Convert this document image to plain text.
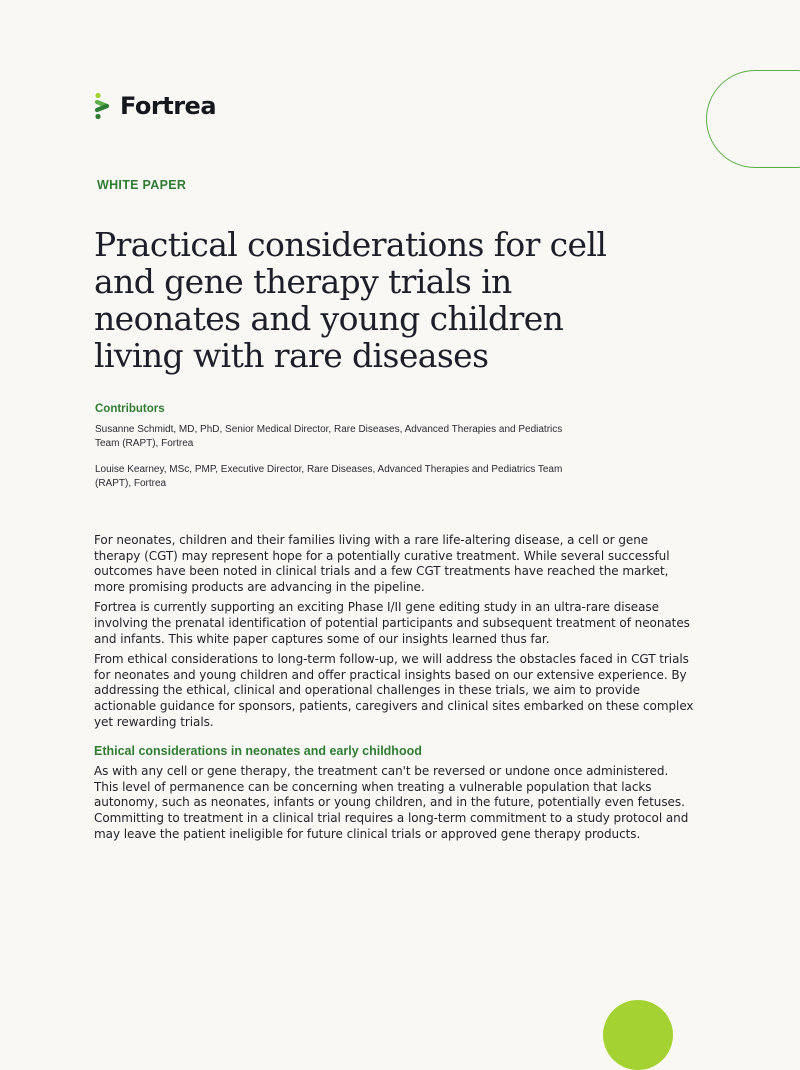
Fortrea
WHITE PAPER
Practical considerations for cell and gene therapy trials in neonates and young children living with rare diseases
Contributors

Susanne Schmidt, MD, PhD, Senior Medical Director, Rare Diseases, Advanced Therapies and Pediatrics Team (RAPT), Fortrea

Louise Kearney, MSc, PMP, Executive Director, Rare Diseases, Advanced Therapies and Pediatrics Team (RAPT), Fortrea

For neonates, children and their families living with a rare life-altering disease, a cell or gene therapy (CGT) may represent hope for a potentially curative treatment. While several successful outcomes have been noted in clinical trials and a few CGT treatments have reached the market, more promising products are advancing in the pipeline.

Fortrea is currently supporting an exciting Phase I/II gene editing study in an ultra-rare disease involving the prenatal identification of potential participants and subsequent treatment of neonates and infants. This white paper captures some of our insights learned thus far.

From ethical considerations to long-term follow-up, we will address the obstacles faced in CGT trials for neonates and young children and offer practical insights based on our extensive experience. By addressing the ethical, clinical and operational challenges in these trials, we aim to provide actionable guidance for sponsors, patients, caregivers and clinical sites embarked on these complex yet rewarding trials.

Ethical considerations in neonates and early childhood

As with any cell or gene therapy, the treatment can't be reversed or undone once administered. This level of permanence can be concerning when treating a vulnerable population that lacks autonomy, such as neonates, infants or young children, and in the future, potentially even fetuses. Committing to treatment in a clinical trial requires a long-term commitment to a study protocol and may leave the patient ineligible for future clinical trials or approved gene therapy products.
